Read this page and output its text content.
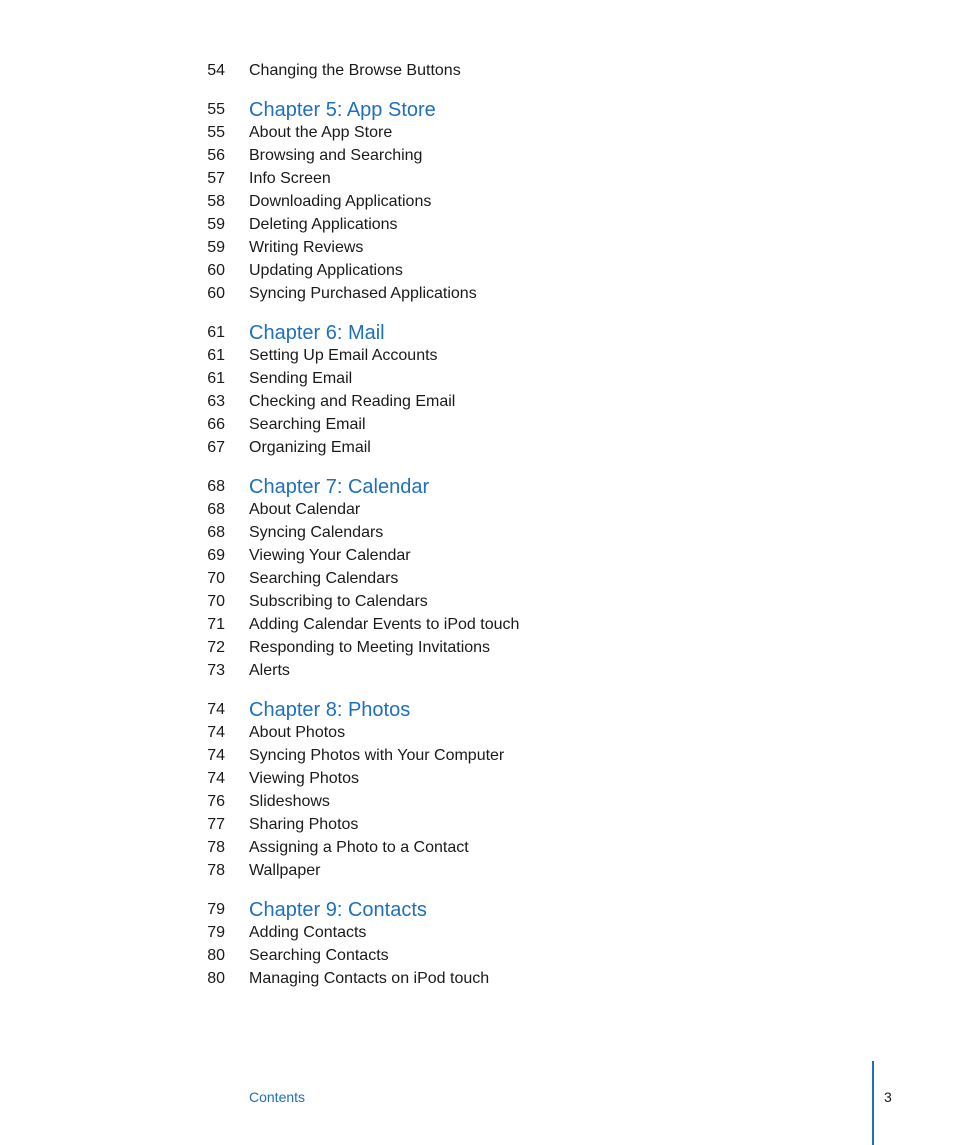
54 Changing the Browse Buttons
55 Chapter 5: App Store
55 About the App Store
56 Browsing and Searching
57 Info Screen
58 Downloading Applications
59 Deleting Applications
59 Writing Reviews
60 Updating Applications
60 Syncing Purchased Applications
61 Chapter 6: Mail
61 Setting Up Email Accounts
61 Sending Email
63 Checking and Reading Email
66 Searching Email
67 Organizing Email
68 Chapter 7: Calendar
68 About Calendar
68 Syncing Calendars
69 Viewing Your Calendar
70 Searching Calendars
70 Subscribing to Calendars
71 Adding Calendar Events to iPod touch
72 Responding to Meeting Invitations
73 Alerts
74 Chapter 8: Photos
74 About Photos
74 Syncing Photos with Your Computer
74 Viewing Photos
76 Slideshows
77 Sharing Photos
78 Assigning a Photo to a Contact
78 Wallpaper
79 Chapter 9: Contacts
79 Adding Contacts
80 Searching Contacts
80 Managing Contacts on iPod touch
Contents	3
